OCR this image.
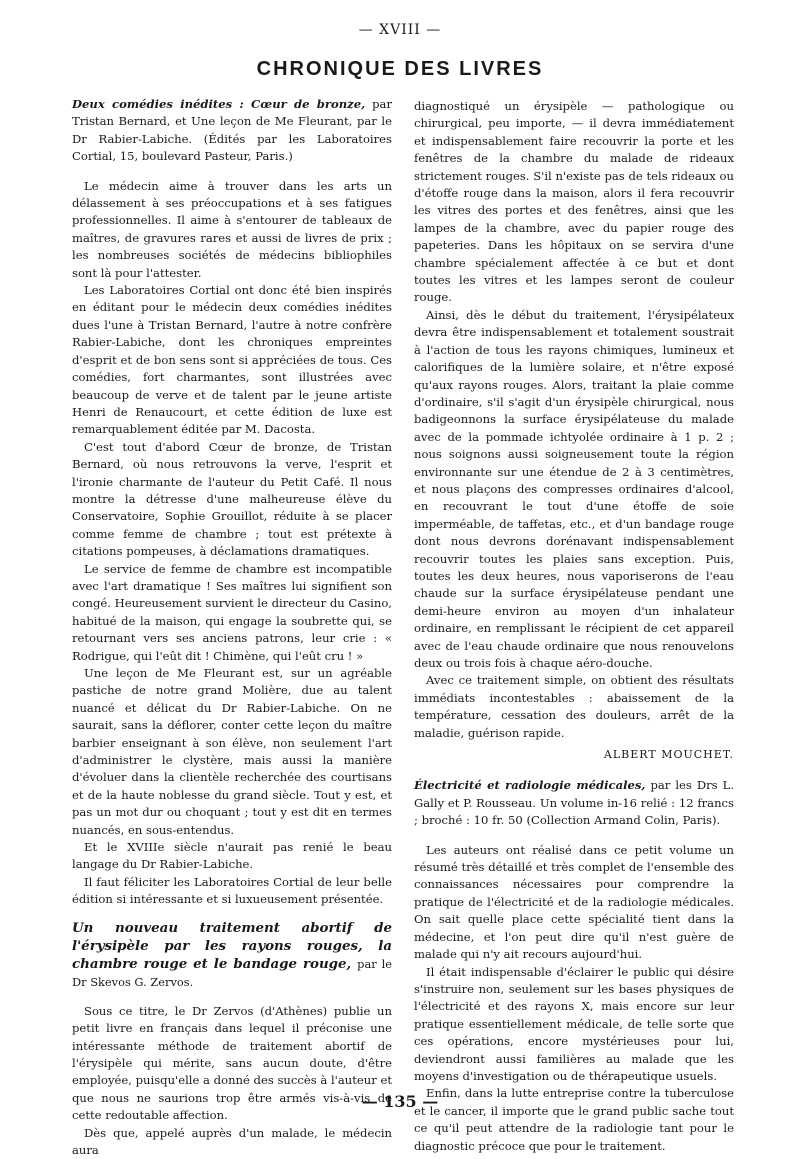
— XVIII —
CHRONIQUE DES LIVRES

Deux comédies inédites : Cœur de bronze, par Tristan Bernard, et Une leçon de Me Fleurant, par le Dr Rabier-Labiche. (Édités par les Laboratoires Cortial, 15, boulevard Pasteur, Paris.)

Le médecin aime à trouver dans les arts un délassement à ses préoccupations et à ses fatigues professionnelles. Il aime à s'entourer de tableaux de maîtres, de gravures rares et aussi de livres de prix ; les nombreuses sociétés de médecins bibliophiles sont là pour l'attester.

Les Laboratoires Cortial ont donc été bien inspirés en éditant pour le médecin deux comédies inédites dues l'une à Tristan Bernard, l'autre à notre confrère Rabier-Labiche, dont les chroniques empreintes d'esprit et de bon sens sont si appréciées de tous. Ces comédies, fort charmantes, sont illustrées avec beaucoup de verve et de talent par le jeune artiste Henri de Renaucourt, et cette édition de luxe est remarquablement éditée par M. Dacosta.

C'est tout d'abord Cœur de bronze, de Tristan Bernard, où nous retrouvons la verve, l'esprit et l'ironie charmante de l'auteur du Petit Café. Il nous montre la détresse d'une malheureuse élève du Conservatoire, Sophie Grouillot, réduite à se placer comme femme de chambre ; tout est prétexte à citations pompeuses, à déclamations dramatiques.

Le service de femme de chambre est incompatible avec l'art dramatique ! Ses maîtres lui signifient son congé. Heureusement survient le directeur du Casino, habitué de la maison, qui engage la soubrette qui, se retournant vers ses anciens patrons, leur crie : « Rodrigue, qui l'eût dit ! Chimène, qui l'eût cru ! »

Une leçon de Me Fleurant est, sur un agréable pastiche de notre grand Molière, due au talent nuancé et délicat du Dr Rabier-Labiche. On ne saurait, sans la déflorer, conter cette leçon du maître barbier enseignant à son élève, non seulement l'art d'administrer le clystère, mais aussi la manière d'évoluer dans la clientèle recherchée des courtisans et de la haute noblesse du grand siècle. Tout y est, et pas un mot dur ou choquant ; tout y est dit en termes nuancés, en sous-entendus.

Et le XVIIIe siècle n'aurait pas renié le beau langage du Dr Rabier-Labiche.

Il faut féliciter les Laboratoires Cortial de leur belle édition si intéressante et si luxueusement présentée.

Un nouveau traitement abortif de l'érysipèle par les rayons rouges, la chambre rouge et le bandage rouge, par le Dr Skevos G. Zervos.

Sous ce titre, le Dr Zervos (d'Athènes) publie un petit livre en français dans lequel il préconise une intéressante méthode de traitement abortif de l'érysipèle qui mérite, sans aucun doute, d'être employée, puisqu'elle a donné des succès à l'auteur et que nous ne saurions trop être armés vis-à-vis de cette redoutable affection.

Dès que, appelé auprès d'un malade, le médecin aura

diagnostiqué un érysipèle — pathologique ou chirurgical, peu importe, — il devra immédiatement et indispensablement faire recouvrir la porte et les fenêtres de la chambre du malade de rideaux strictement rouges. S'il n'existe pas de tels rideaux ou d'étoffe rouge dans la maison, alors il fera recouvrir les vitres des portes et des fenêtres, ainsi que les lampes de la chambre, avec du papier rouge des papeteries. Dans les hôpitaux on se servira d'une chambre spécialement affectée à ce but et dont toutes les vitres et les lampes seront de couleur rouge.

Ainsi, dès le début du traitement, l'érysipélateux devra être indispensablement et totalement soustrait à l'action de tous les rayons chimiques, lumineux et calorifiques de la lumière solaire, et n'être exposé qu'aux rayons rouges. Alors, traitant la plaie comme d'ordinaire, s'il s'agit d'un érysipèle chirurgical, nous badigeonnons la surface érysipélateuse du malade avec de la pommade ichtyolée ordinaire à 1 p. 2 ; nous soignons aussi soigneusement toute la région environnante sur une étendue de 2 à 3 centimètres, et nous plaçons des compresses ordinaires d'alcool, en recouvrant le tout d'une étoffe de soie imperméable, de taffetas, etc., et d'un bandage rouge dont nous devrons dorénavant indispensablement recouvrir toutes les plaies sans exception. Puis, toutes les deux heures, nous vaporiserons de l'eau chaude sur la surface érysipélateuse pendant une demi-heure environ au moyen d'un inhalateur ordinaire, en remplissant le récipient de cet appareil avec de l'eau chaude ordinaire que nous renouvelons deux ou trois fois à chaque aéro-douche.

Avec ce traitement simple, on obtient des résultats immédiats incontestables : abaissement de la température, cessation des douleurs, arrêt de la maladie, guérison rapide.

ALBERT MOUCHET.

Électricité et radiologie médicales, par les Drs L. Gally et P. Rousseau. Un volume in-16 relié : 12 francs ; broché : 10 fr. 50 (Collection Armand Colin, Paris).

Les auteurs ont réalisé dans ce petit volume un résumé très détaillé et très complet de l'ensemble des connaissances nécessaires pour comprendre la pratique de l'électricité et de la radiologie médicales. On sait quelle place cette spécialité tient dans la médecine, et l'on peut dire qu'il n'est guère de malade qui n'y ait recours aujourd'hui.

Il était indispensable d'éclairer le public qui désire s'instruire non, seulement sur les bases physiques de l'électricité et des rayons X, mais encore sur leur pratique essentiellement médicale, de telle sorte que ces opérations, encore mystérieuses pour lui, deviendront aussi familières au malade que les moyens d'investigation ou de thérapeutique usuels.

Enfin, dans la lutte entreprise contre la tuberculose et le cancer, il importe que le grand public sache tout ce qu'il peut attendre de la radiologie tant pour le diagnostic précoce que pour le traitement.

— 135 —
